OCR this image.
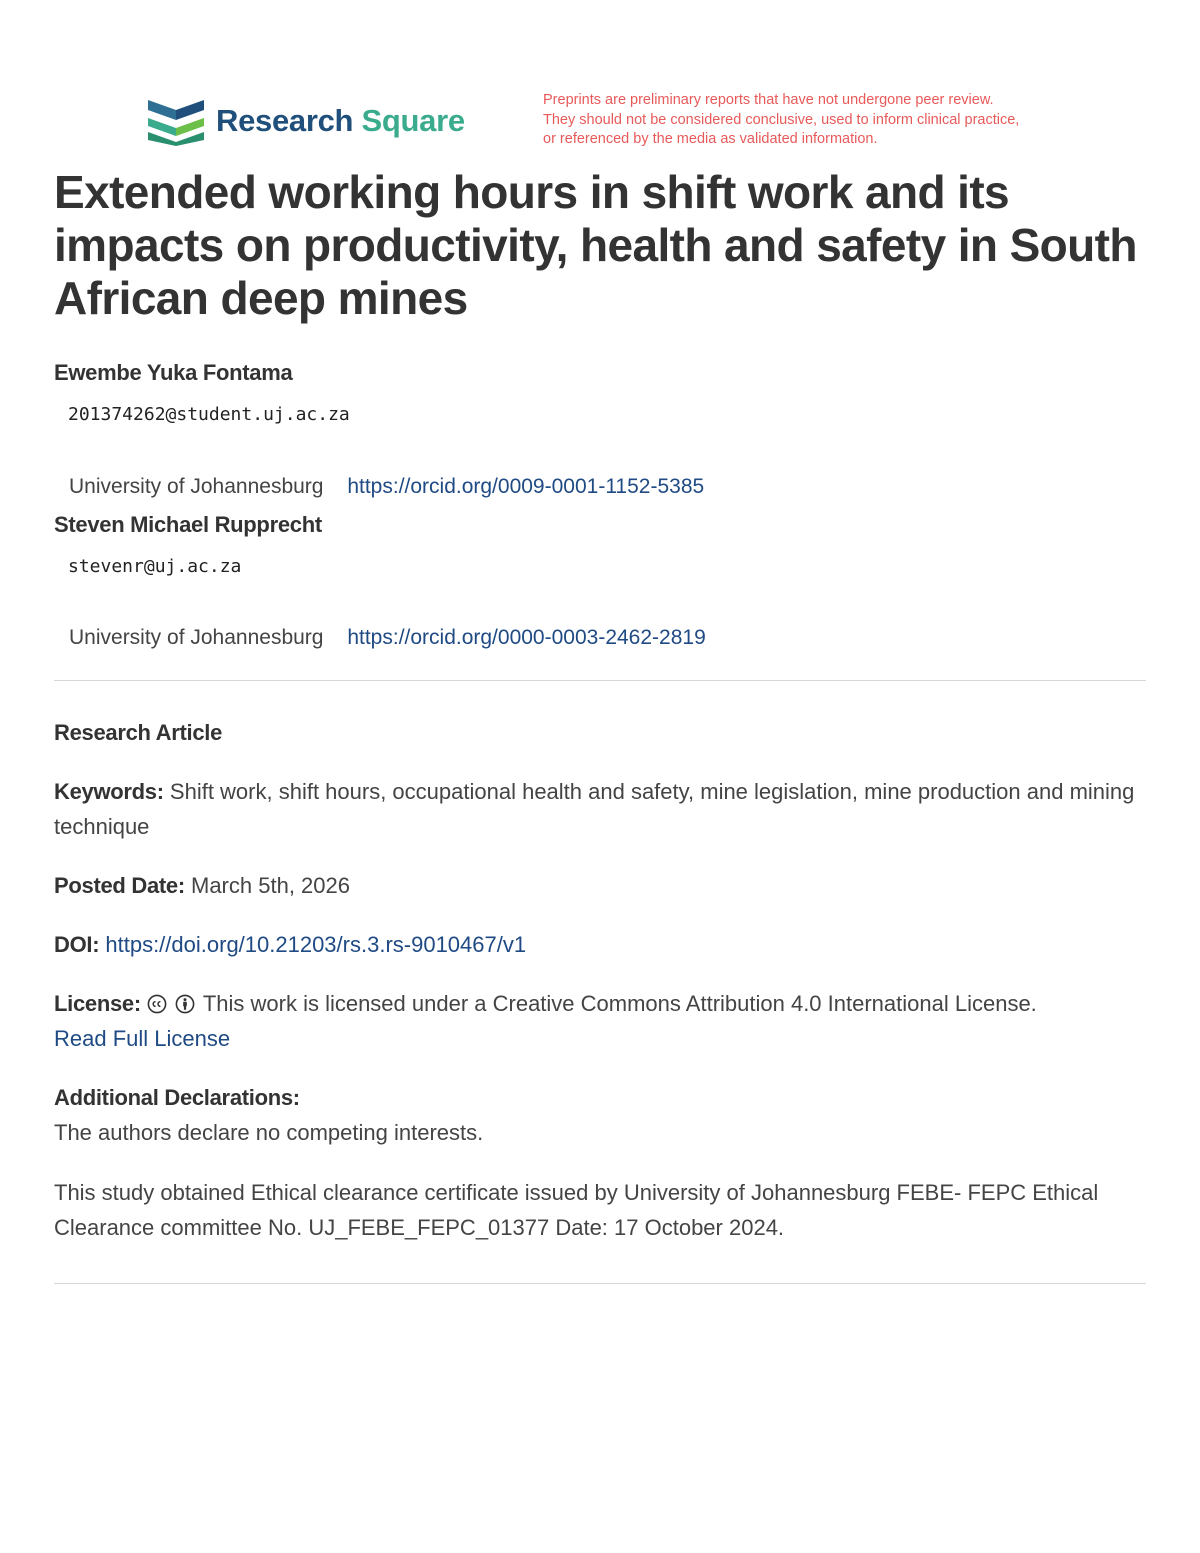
Research Square
Preprints are preliminary reports that have not undergone peer review.
They should not be considered conclusive, used to inform clinical practice,
or referenced by the media as validated information.
Extended working hours in shift work and its
impacts on productivity, health and safety in South
African deep mines
Ewembe Yuka Fontama
201374262@student.uj.ac.za
University of Johannesburg https://orcid.org/0009-0001-1152-5385
Steven Michael Rupprecht
stevenr@uj.ac.za
University of Johannesburg https://orcid.org/0000-0003-2462-2819
Research Article
Keywords: Shift work, shift hours, occupational health and safety, mine legislation, mine production and mining technique
Posted Date: March 5th, 2026
DOI: https://doi.org/10.21203/rs.3.rs-9010467/v1
License:	This work is licensed under a Creative Commons Attribution 4.0 International License.
Read Full License
Additional Declarations:
The authors declare no competing interests.
This study obtained Ethical clearance certificate issued by University of Johannesburg FEBE- FEPC Ethical Clearance committee No. UJ_FEBE_FEPC_01377 Date: 17 October 2024.
